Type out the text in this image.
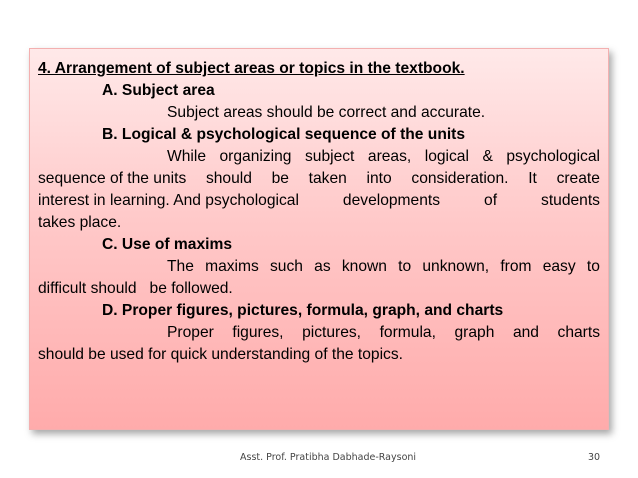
4. Arrangement of subject areas or topics in the textbook.
A. Subject area
Subject areas should be correct and accurate.
B. Logical & psychological sequence of the units
While organizing subject areas, logical & psychological
sequence of the units should be taken into consideration. It create
interest in learning. And psychological	developments	of	students
takes place.
C. Use of maxims
The maxims such as known to unknown, from easy to
difficult should   be followed.
D. Proper figures, pictures, formula, graph, and charts
Proper figures, pictures, formula, graph and charts
should be used for quick understanding of the topics.
Asst. Prof. Pratibha Dabhade-Raysoni	30
